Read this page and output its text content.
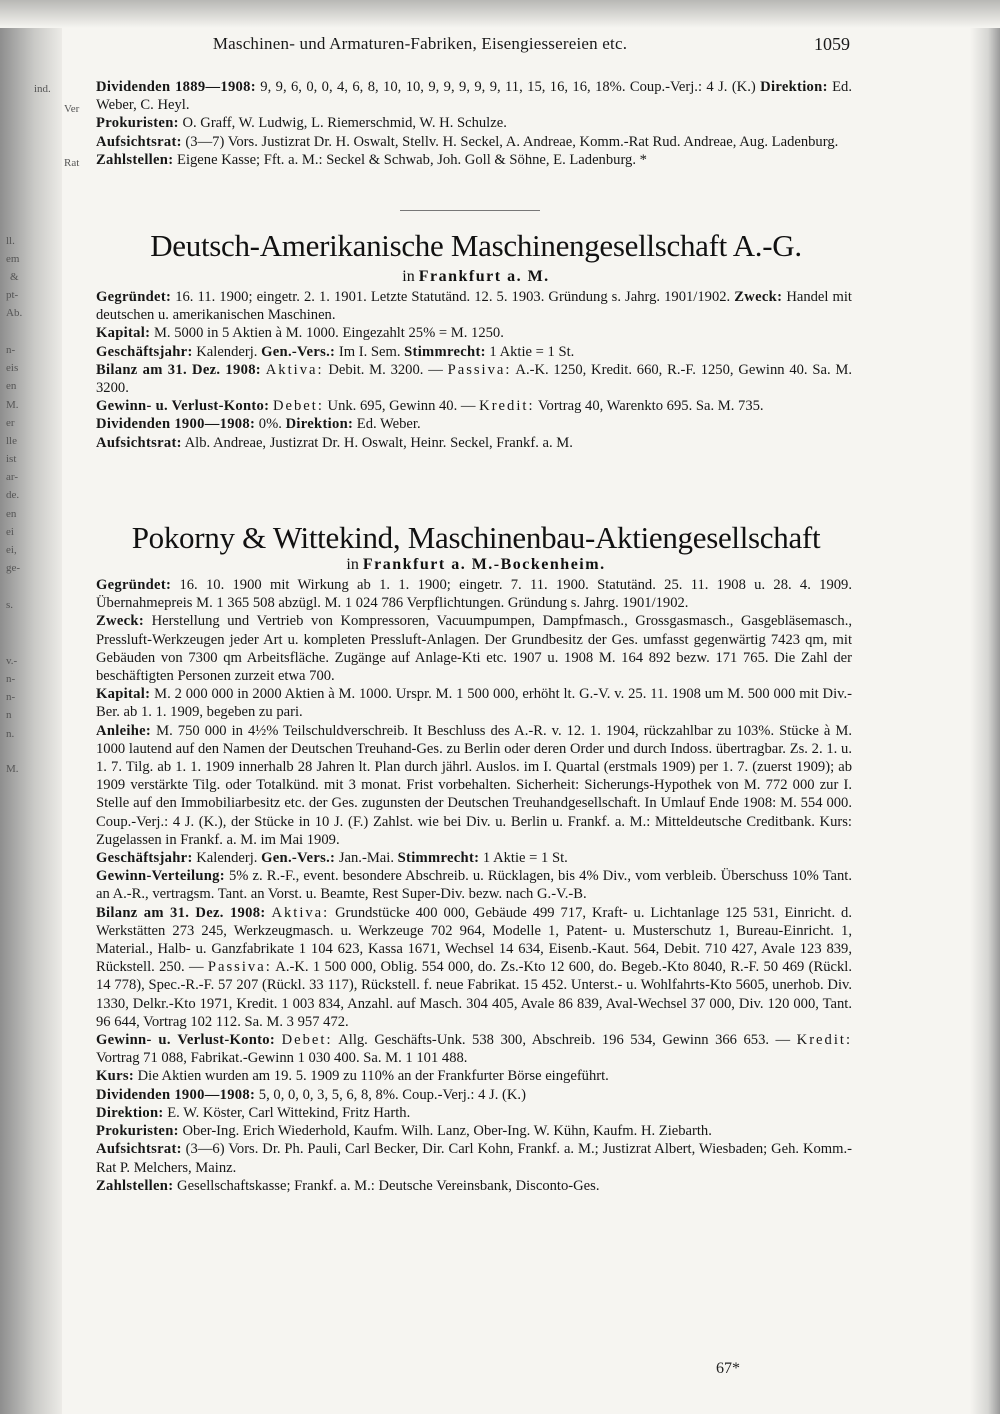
ind.
Ver
Rat
ll.
em
&
pt-
Ab.
n-
eis
en
M.
er
lle
ist
ar-
de.
en
ei
ei,
ge-
s.
v.-
n-
n-
n
n.
M.
Maschinen- und Armaturen-Fabriken, Eisengiessereien etc.	1059

Dividenden 1889—1908: 9, 9, 6, 0, 0, 4, 6, 8, 10, 10, 9, 9, 9, 9, 9, 11, 15, 16, 16, 18%. Coup.-Verj.: 4 J. (K.) Direktion: Ed. Weber, C. Heyl.

Prokuristen: O. Graff, W. Ludwig, L. Riemerschmid, W. H. Schulze.

Aufsichtsrat: (3—7) Vors. Justizrat Dr. H. Oswalt, Stellv. H. Seckel, A. Andreae, Komm.-Rat Rud. Andreae, Aug. Ladenburg.

Zahlstellen: Eigene Kasse; Fft. a. M.: Seckel & Schwab, Joh. Goll & Söhne, E. Ladenburg. *

Deutsch-Amerikanische Maschinengesellschaft A.-G.
in Frankfurt a. M.

Gegründet: 16. 11. 1900; eingetr. 2. 1. 1901. Letzte Statutänd. 12. 5. 1903. Gründung s. Jahrg. 1901/1902. Zweck: Handel mit deutschen u. amerikanischen Maschinen.

Kapital: M. 5000 in 5 Aktien à M. 1000. Eingezahlt 25% = M. 1250.

Geschäftsjahr: Kalenderj. Gen.-Vers.: Im I. Sem. Stimmrecht: 1 Aktie = 1 St.

Bilanz am 31. Dez. 1908: Aktiva: Debit. M. 3200. — Passiva: A.-K. 1250, Kredit. 660, R.-F. 1250, Gewinn 40. Sa. M. 3200.

Gewinn- u. Verlust-Konto: Debet: Unk. 695, Gewinn 40. — Kredit: Vortrag 40, Warenkto 695. Sa. M. 735.

Dividenden 1900—1908: 0%. Direktion: Ed. Weber.

Aufsichtsrat: Alb. Andreae, Justizrat Dr. H. Oswalt, Heinr. Seckel, Frankf. a. M.

Pokorny & Wittekind, Maschinenbau-Aktiengesellschaft
in Frankfurt a. M.-Bockenheim.

Gegründet: 16. 10. 1900 mit Wirkung ab 1. 1. 1900; eingetr. 7. 11. 1900. Statutänd. 25. 11. 1908 u. 28. 4. 1909. Übernahmepreis M. 1 365 508 abzügl. M. 1 024 786 Verpflichtungen. Gründung s. Jahrg. 1901/1902.

Zweck: Herstellung und Vertrieb von Kompressoren, Vacuumpumpen, Dampfmasch., Grossgasmasch., Gasgebläsemasch., Pressluft-Werkzeugen jeder Art u. kompleten Pressluft-Anlagen. Der Grundbesitz der Ges. umfasst gegenwärtig 7423 qm, mit Gebäuden von 7300 qm Arbeitsfläche. Zugänge auf Anlage-Kti etc. 1907 u. 1908 M. 164 892 bezw. 171 765. Die Zahl der beschäftigten Personen zurzeit etwa 700.

Kapital: M. 2 000 000 in 2000 Aktien à M. 1000. Urspr. M. 1 500 000, erhöht lt. G.-V. v. 25. 11. 1908 um M. 500 000 mit Div.-Ber. ab 1. 1. 1909, begeben zu pari.

Anleihe: M. 750 000 in 4½% Teilschuldverschreib. It Beschluss des A.-R. v. 12. 1. 1904, rückzahlbar zu 103%. Stücke à M. 1000 lautend auf den Namen der Deutschen Treuhand-Ges. zu Berlin oder deren Order und durch Indoss. übertragbar. Zs. 2. 1. u. 1. 7. Tilg. ab 1. 1. 1909 innerhalb 28 Jahren lt. Plan durch jährl. Auslos. im I. Quartal (erstmals 1909) per 1. 7. (zuerst 1909); ab 1909 verstärkte Tilg. oder Totalkünd. mit 3 monat. Frist vorbehalten. Sicherheit: Sicherungs-Hypothek von M. 772 000 zur I. Stelle auf den Immobiliarbesitz etc. der Ges. zugunsten der Deutschen Treuhandgesellschaft. In Umlauf Ende 1908: M. 554 000. Coup.-Verj.: 4 J. (K.), der Stücke in 10 J. (F.) Zahlst. wie bei Div. u. Berlin u. Frankf. a. M.: Mitteldeutsche Creditbank. Kurs: Zugelassen in Frankf. a. M. im Mai 1909.

Geschäftsjahr: Kalenderj. Gen.-Vers.: Jan.-Mai. Stimmrecht: 1 Aktie = 1 St.

Gewinn-Verteilung: 5% z. R.-F., event. besondere Abschreib. u. Rücklagen, bis 4% Div., vom verbleib. Überschuss 10% Tant. an A.-R., vertragsm. Tant. an Vorst. u. Beamte, Rest Super-Div. bezw. nach G.-V.-B.

Bilanz am 31. Dez. 1908: Aktiva: Grundstücke 400 000, Gebäude 499 717, Kraft- u. Lichtanlage 125 531, Einricht. d. Werkstätten 273 245, Werkzeugmasch. u. Werkzeuge 702 964, Modelle 1, Patent- u. Musterschutz 1, Bureau-Einricht. 1, Material., Halb- u. Ganzfabrikate 1 104 623, Kassa 1671, Wechsel 14 634, Eisenb.-Kaut. 564, Debit. 710 427, Avale 123 839, Rückstell. 250. — Passiva: A.-K. 1 500 000, Oblig. 554 000, do. Zs.-Kto 12 600, do. Begeb.-Kto 8040, R.-F. 50 469 (Rückl. 14 778), Spec.-R.-F. 57 207 (Rückl. 33 117), Rückstell. f. neue Fabrikat. 15 452. Unterst.- u. Wohlfahrts-Kto 5605, unerhob. Div. 1330, Delkr.-Kto 1971, Kredit. 1 003 834, Anzahl. auf Masch. 304 405, Avale 86 839, Aval-Wechsel 37 000, Div. 120 000, Tant. 96 644, Vortrag 102 112. Sa. M. 3 957 472.

Gewinn- u. Verlust-Konto: Debet: Allg. Geschäfts-Unk. 538 300, Abschreib. 196 534, Gewinn 366 653. — Kredit: Vortrag 71 088, Fabrikat.-Gewinn 1 030 400. Sa. M. 1 101 488.

Kurs: Die Aktien wurden am 19. 5. 1909 zu 110% an der Frankfurter Börse eingeführt.

Dividenden 1900—1908: 5, 0, 0, 0, 3, 5, 6, 8, 8%. Coup.-Verj.: 4 J. (K.)

Direktion: E. W. Köster, Carl Wittekind, Fritz Harth.

Prokuristen: Ober-Ing. Erich Wiederhold, Kaufm. Wilh. Lanz, Ober-Ing. W. Kühn, Kaufm. H. Ziebarth.

Aufsichtsrat: (3—6) Vors. Dr. Ph. Pauli, Carl Becker, Dir. Carl Kohn, Frankf. a. M.; Justizrat Albert, Wiesbaden; Geh. Komm.-Rat P. Melchers, Mainz.

Zahlstellen: Gesellschaftskasse; Frankf. a. M.: Deutsche Vereinsbank, Disconto-Ges.

67*
